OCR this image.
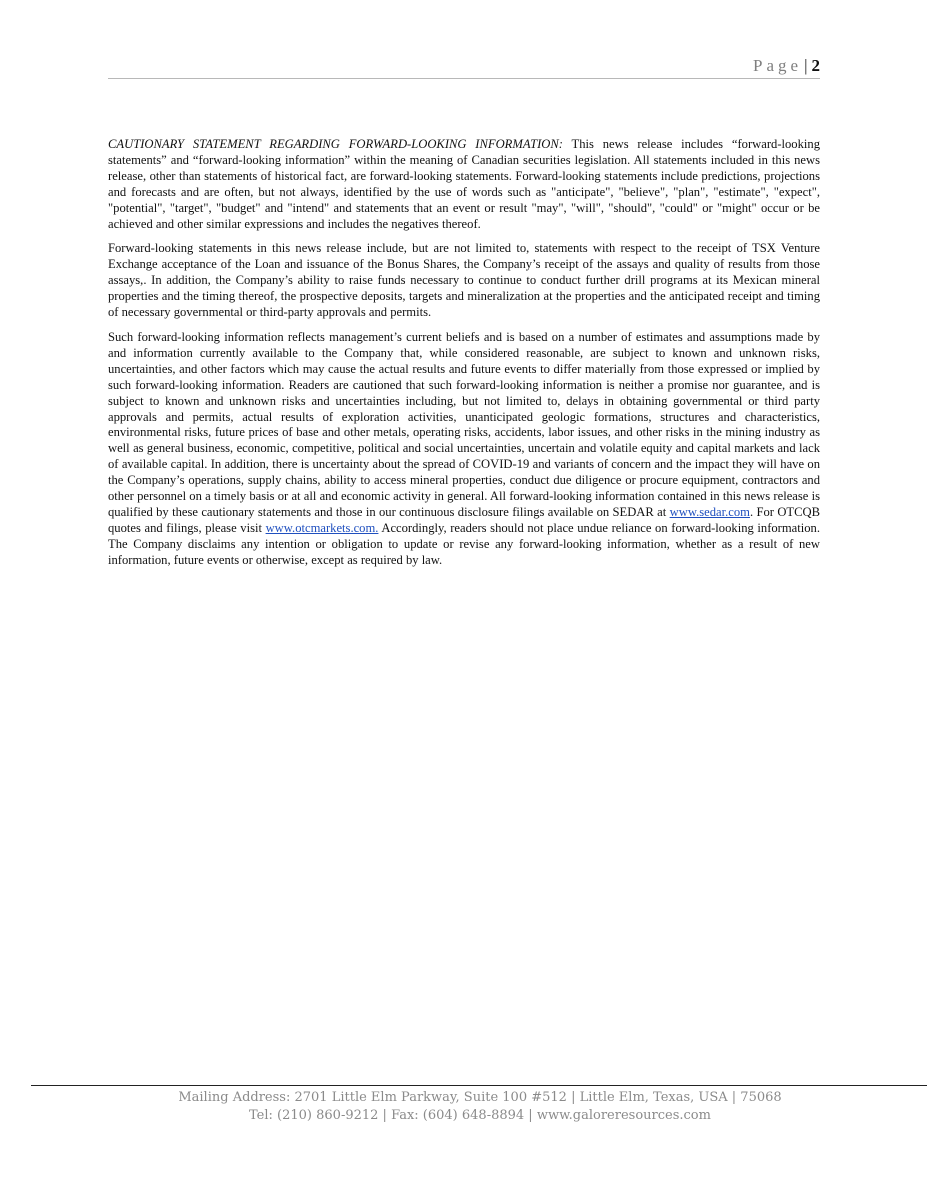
Page | 2

CAUTIONARY STATEMENT REGARDING FORWARD-LOOKING INFORMATION: This news release includes “forward-looking statements” and “forward-looking information” within the meaning of Canadian securities legislation. All statements included in this news release, other than statements of historical fact, are forward-looking statements. Forward-looking statements include predictions, projections and forecasts and are often, but not always, identified by the use of words such as "anticipate", "believe", "plan", "estimate", "expect", "potential", "target", "budget" and "intend" and statements that an event or result "may", "will", "should", "could" or "might" occur or be achieved and other similar expressions and includes the negatives thereof.

Forward-looking statements in this news release include, but are not limited to, statements with respect to the receipt of TSX Venture Exchange acceptance of the Loan and issuance of the Bonus Shares, the Company’s receipt of the assays and quality of results from those assays,. In addition, the Company’s ability to raise funds necessary to continue to conduct further drill programs at its Mexican mineral properties and the timing thereof, the prospective deposits, targets and mineralization at the properties and the anticipated receipt and timing of necessary governmental or third-party approvals and permits.

Such forward-looking information reflects management’s current beliefs and is based on a number of estimates and assumptions made by and information currently available to the Company that, while considered reasonable, are subject to known and unknown risks, uncertainties, and other factors which may cause the actual results and future events to differ materially from those expressed or implied by such forward-looking information. Readers are cautioned that such forward-looking information is neither a promise nor guarantee, and is subject to known and unknown risks and uncertainties including, but not limited to, delays in obtaining governmental or third party approvals and permits, actual results of exploration activities, unanticipated geologic formations, structures and characteristics, environmental risks, future prices of base and other metals, operating risks, accidents, labor issues, and other risks in the mining industry as well as general business, economic, competitive, political and social uncertainties, uncertain and volatile equity and capital markets and lack of available capital. In addition, there is uncertainty about the spread of COVID-19 and variants of concern and the impact they will have on the Company’s operations, supply chains, ability to access mineral properties, conduct due diligence or procure equipment, contractors and other personnel on a timely basis or at all and economic activity in general. All forward-looking information contained in this news release is qualified by these cautionary statements and those in our continuous disclosure filings available on SEDAR at www.sedar.com. For OTCQB quotes and filings, please visit www.otcmarkets.com. Accordingly, readers should not place undue reliance on forward-looking information. The Company disclaims any intention or obligation to update or revise any forward-looking information, whether as a result of new information, future events or otherwise, except as required by law.

Mailing Address: 2701 Little Elm Parkway, Suite 100 #512 | Little Elm, Texas, USA | 75068
Tel: (210) 860-9212 | Fax: (604) 648-8894 | www.galoreresources.com
